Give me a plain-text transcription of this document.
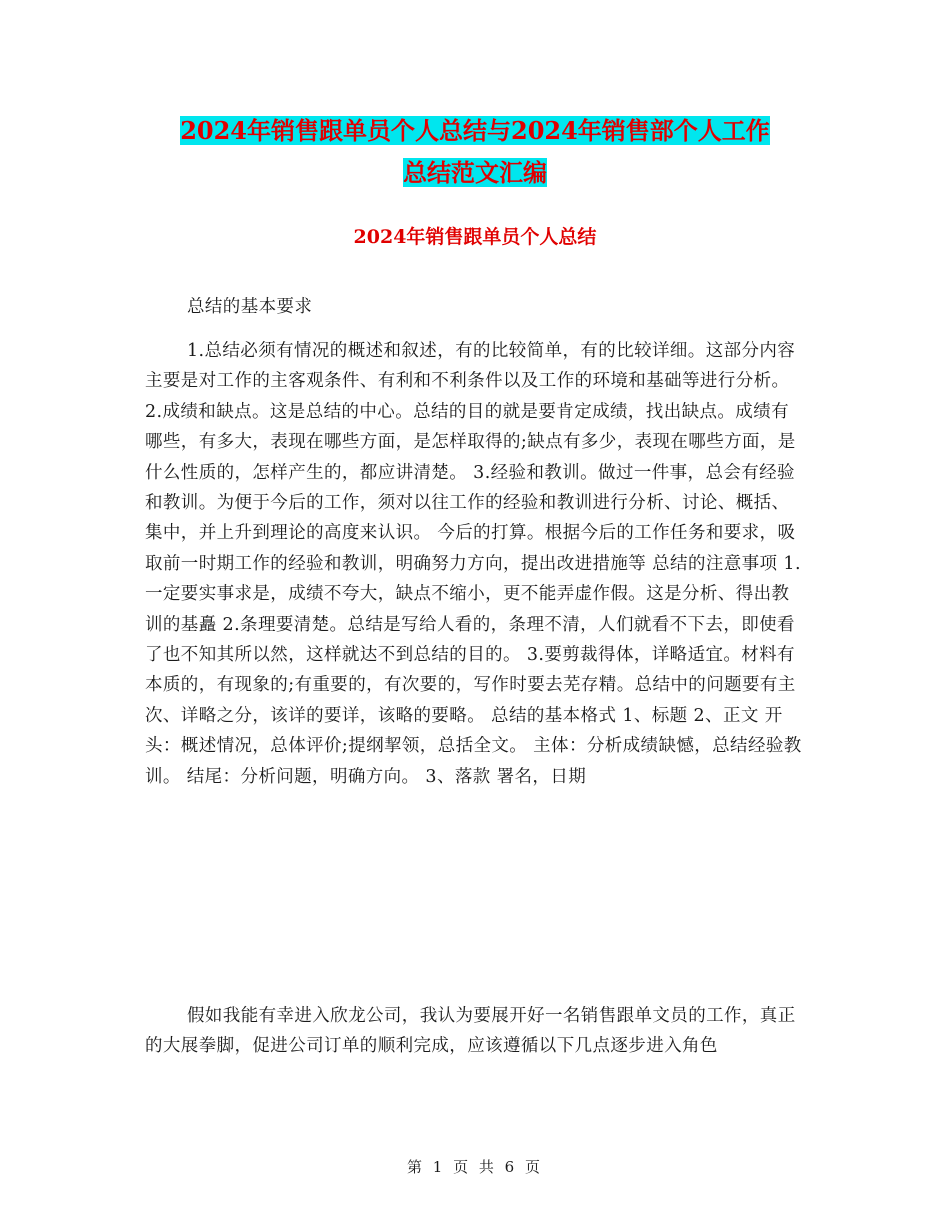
2024年销售跟单员个人总结与2024年销售部个人工作
总结范文汇编
2024年销售跟单员个人总结
总结的基本要求
1.总结必须有情况的概述和叙述，有的比较简单，有的比较详细。这部分内容主要是对工作的主客观条件、有利和不利条件以及工作的环境和基础等进行分析。 2.成绩和缺点。这是总结的中心。总结的目的就是要肯定成绩，找出缺点。成绩有哪些，有多大，表现在哪些方面，是怎样取得的;缺点有多少，表现在哪些方面，是什么性质的，怎样产生的，都应讲清楚。 3.经验和教训。做过一件事，总会有经验和教训。为便于今后的工作，须对以往工作的经验和教训进行分析、讨论、概括、集中，并上升到理论的高度来认识。 今后的打算。根据今后的工作任务和要求，吸取前一时期工作的经验和教训，明确努力方向，提出改进措施等 总结的注意事项 1.一定要实事求是，成绩不夸大，缺点不缩小，更不能弄虚作假。这是分析、得出教训的基矗 2.条理要清楚。总结是写给人看的，条理不清，人们就看不下去，即使看了也不知其所以然，这样就达不到总结的目的。 3.要剪裁得体，详略适宜。材料有本质的，有现象的;有重要的，有次要的，写作时要去芜存精。总结中的问题要有主次、详略之分，该详的要详，该略的要略。 总结的基本格式 1、标题 2、正文 开头：概述情况，总体评价;提纲挈领，总括全文。 主体：分析成绩缺憾，总结经验教训。 结尾：分析问题，明确方向。 3、落款 署名，日期
假如我能有幸进入欣龙公司，我认为要展开好一名销售跟单文员的工作，真正的大展拳脚，促进公司订单的顺利完成，应该遵循以下几点逐步进入角色
第 1 页 共 6 页
